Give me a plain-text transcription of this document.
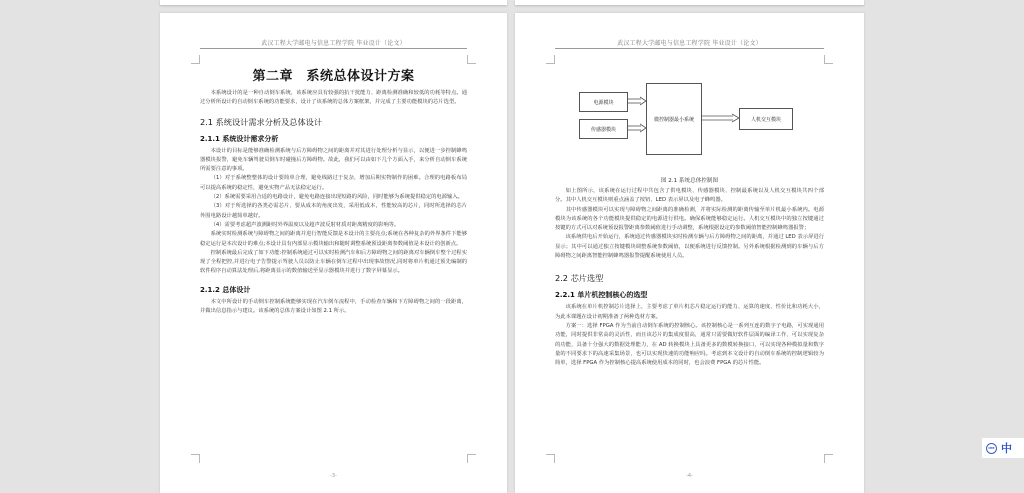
武汉工程大学邮电与信息工程学院 毕业设计（论文）
第二章　系统总体设计方案

本系统设计的是一种自动倒车系统，该系统应具有较强的抗干扰能力、距离检测准确和较低的功耗等特点。通过分析所设计的自动倒车系统的功能要求，设计了该系统的总体方案框架，并完成了主要功能模块的芯片选型。

2.1 系统设计需求分析及总体设计
2.1.1 系统设计需求分析

本设计的目标是能够准确检测系统与后方障碍物之间的距离并对其进行处理分析与显示，以便进一步控制蜂鸣器模块报警，避免车辆驾驶员倒车时碰撞后方障碍物。故此，我们可以由如下几个方面入手，来分析自动倒车系统所需要注意的事项。

（1）对于系统整整体的设计要简单合理，避免线路过于复杂，增加后期实物制作的困难。合理的电路板布局可以提高系统的稳定性，避免实物产品无法稳定运行。

（2）系统需要采用合适的电路设计，避免电路连接出现短路的风险，同时能够为系统提供稳定的电源输入。

（3）对于所选择的各类必需芯片，要从成本的角度出发，采用低成本，性能较高的芯片，同时所选择的芯片外围电路设计越简单越好。

（4）需要考虑超声波测距时外界温度以及超声波反射材质对距离精度的影响等。

系统实时检测系统与障碍物之间的距离并进行智能反馈是本设计的主要亮点;系统在各种复杂的外界条件下能够稳定运行是本次设计的难点;本设计具有内部显示模块输出和随时调整系统预设距离参数阈值是本设计的创新点。

控制系统最后完成了如下功能:控制系统通过可以实时检测汽车和后方障碍物之间的距离对车辆倒车整个过程实现了全程把控,并进行电子告警提示驾驶人员以防止车辆在倒车过程中出现事故情况,同时将单片机通过预先编制的软件程序自动算法处理后,将距离显示的数值输送至显示器模块并进行了数字屏幕显示。

2.1.2 总体设计

本文中所设计的手动倒车控制系统能够实现在汽车倒车流程中，手动检查车辆和下方障碍物之间的一段距离，并做出信息指示与建议。该系统的总体方案设计如图 2.1 所示。

-3-
武汉工程大学邮电与信息工程学院 毕业设计（论文）
电源模块
传感器模块
微控制器最小系统	人机交互模块
图 2.1 系统总体控制图

如上图所示，该系统在运行过程中共包含了供电模块、传感器模块、控制最系统以及人机交互模块共四个部分。其中人机交互模块则重点涵盖了按钮、LED 表示屏以及电子蜂鸣器。

其中传感器模块可以实现与障碍物之间距离的准确检测，并将实际检测的距离传输至单片机最小系统内。电源模块为该系统的各个功能模块提供稳定的电源进行供电。确保系统能够稳定运行。人机交互模块中的独立按键通过按键的方式可以对系统预设报警距离参数阈值进行手动调整，系统根据设定的参数阈值智能控制蜂鸣器报警；

该系统供电后开始运行，系统通过传感器模块实时检测车辆与后方障碍物之间的距离，并通过 LED 表示屏进行显示；其中可以通过独立按键模块调整系统参数阈值，以便系统进行反馈控制。另外系统根据检测到的车辆与后方障碍物之间距离智能控制蜂鸣器报警提醒系统使用人员。

2.2 芯片选型
2.2.1 单片机控制核心的选型

该系统在单片机控制芯片选择上，主要考虑了单片机芯片稳定运行的能力、运算的速度、性价比和功耗大小，为此本课题在设计初期准备了两种选材方案。

方案一：选择 FPGA 作为当前自动倒车系统的控制核心。该控制核心是一系列互连的数字子电路，可实现通用功能，同时提供非常高的灵活性，而且该芯片的集成度很高，通常只需要做好软件层面的编译工作，可以实现复杂的功能，具备十分强大的数据处理能力，在 AD 转换模块上具备更多的数模转换接口，可以实现各种模拟量和数字量的不同要求下的高速采集场景，也可以实现快速的功能响应吗。考虑到本文设计的自动倒车系统的控制逻辑较为简单，选择 FPGA 作为控制核心提高系统使用成本的同时，也会浪费 FPGA 的芯片性能。

-4-
IME 中
